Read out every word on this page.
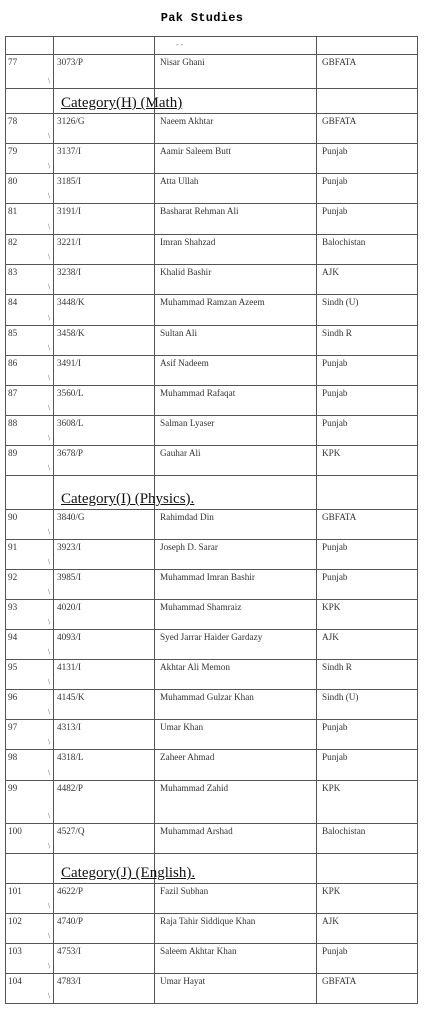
Pak Studies
- -
77	3073/P	Nisar Ghani	GBFATA
/
Category(H) (Math)
78	3126/G	Naeem Akhtar	GBFATA
/
79	3137/I	Aamir Saleem Butt	Punjab
/
80	3185/I	Atta Ullah	Punjab
/
81	3191/I	Basharat Rehman Ali	Punjab
/
82	3221/I	Imran Shahzad	Balochistan
/
83	3238/I	Khalid Bashir	AJK
/
84	3448/K	Muhammad Ramzan Azeem	Sindh (U)
/
85	3458/K	Sultan Ali	Sindh R
/
86	3491/I	Asif Nadeem	Punjab
/
87	3560/L	Muhammad Rafaqat	Punjab
/
88	3608/L	Salman Lyaser	Punjab
/
89	3678/P	Gauhar Ali	KPK
/
Category(I) (Physics).
90	3840/G	Rahimdad Din	GBFATA
/
91	3923/I	Joseph D. Sarar	Punjab
/
92	3985/I	Muhammad Imran Bashir	Punjab
/
93	4020/I	Muhammad Shamraiz	KPK
/
94	4093/I	Syed Jarrar Haider Gardazy	AJK
/
95	4131/I	Akhtar Ali Memon	Sindh R
/
96	4145/K	Muhammad Gulzar Khan	Sindh (U)
/
97	4313/I	Umar Khan	Punjab
/
98	4318/L	Zaheer Ahmad	Punjab
/
99	4482/P	Muhammad Zahid	KPK
/
100	4527/Q	Muhammad Arshad	Balochistan
/
Category(J) (English).
101	4622/P	Fazil Subhan	KPK
/
102	4740/P	Raja Tahir Siddique Khan	AJK
/
103	4753/I	Saleem Akhtar Khan	Punjab
/
104	4783/I	Umar Hayat	GBFATA
/
